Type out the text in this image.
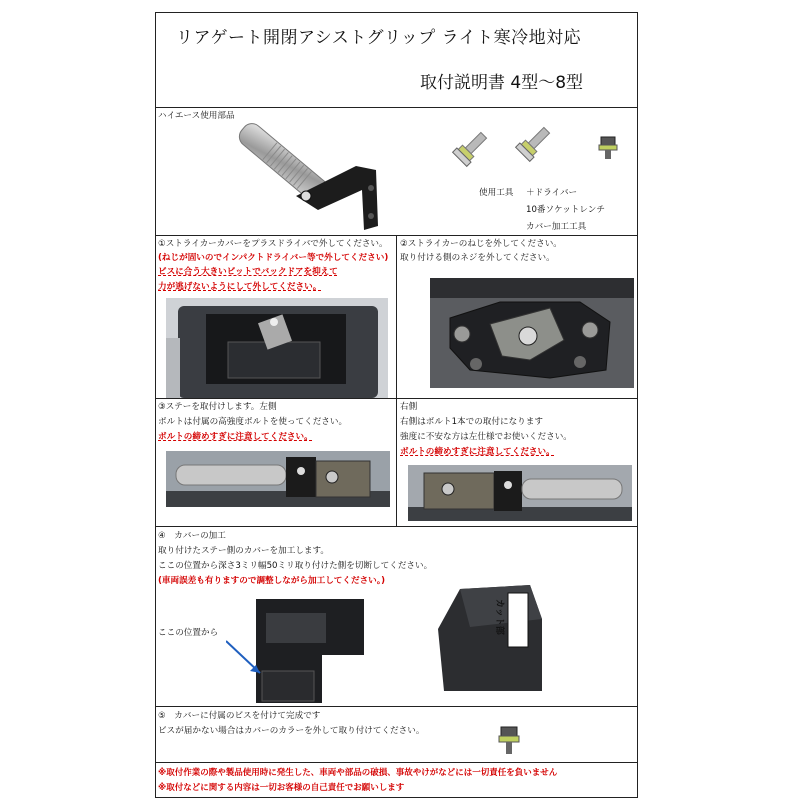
リアゲート開閉アシストグリップ ライト寒冷地対応
取付説明書 4型～8型
ハイエース使用部品
使用工具 ＋ドライバー
10番ソケットレンチ
カバー加工工具
①ストライカーカバーをプラスドライバで外してください。
(ねじが固いのでインパクトドライバー等で外してください)
ビスに合う大きいビットでバックドアを抑えて
力が逃げないようにして外してください。
②ストライカーのねじを外してください。
取り付ける側のネジを外してください。
③ステーを取付けします。左側
ボルトは付属の高強度ボルトを使ってください。
ボルトの締めすぎに注意してください。
右側
右側はボルト1本での取付になります
強度に不安な方は左仕様でお使いください。
ボルトの締めすぎに注意してください。
④　カバーの加工
取り付けたステー側のカバーを加工します。
ここの位置から深さ3ミリ幅50ミリ取り付けた側を切断してください。
(車両誤差も有りますので調整しながら加工してください。)
ここの位置から	カット部
⑤　カバーに付属のビスを付けて完成です
ビスが届かない場合はカバーのカラーを外して取り付けてください。
※取付作業の際や製品使用時に発生した、車両や部品の破損、事故やけがなどには一切責任を負いません
※取付などに関する内容は一切お客様の自己責任でお願いします
